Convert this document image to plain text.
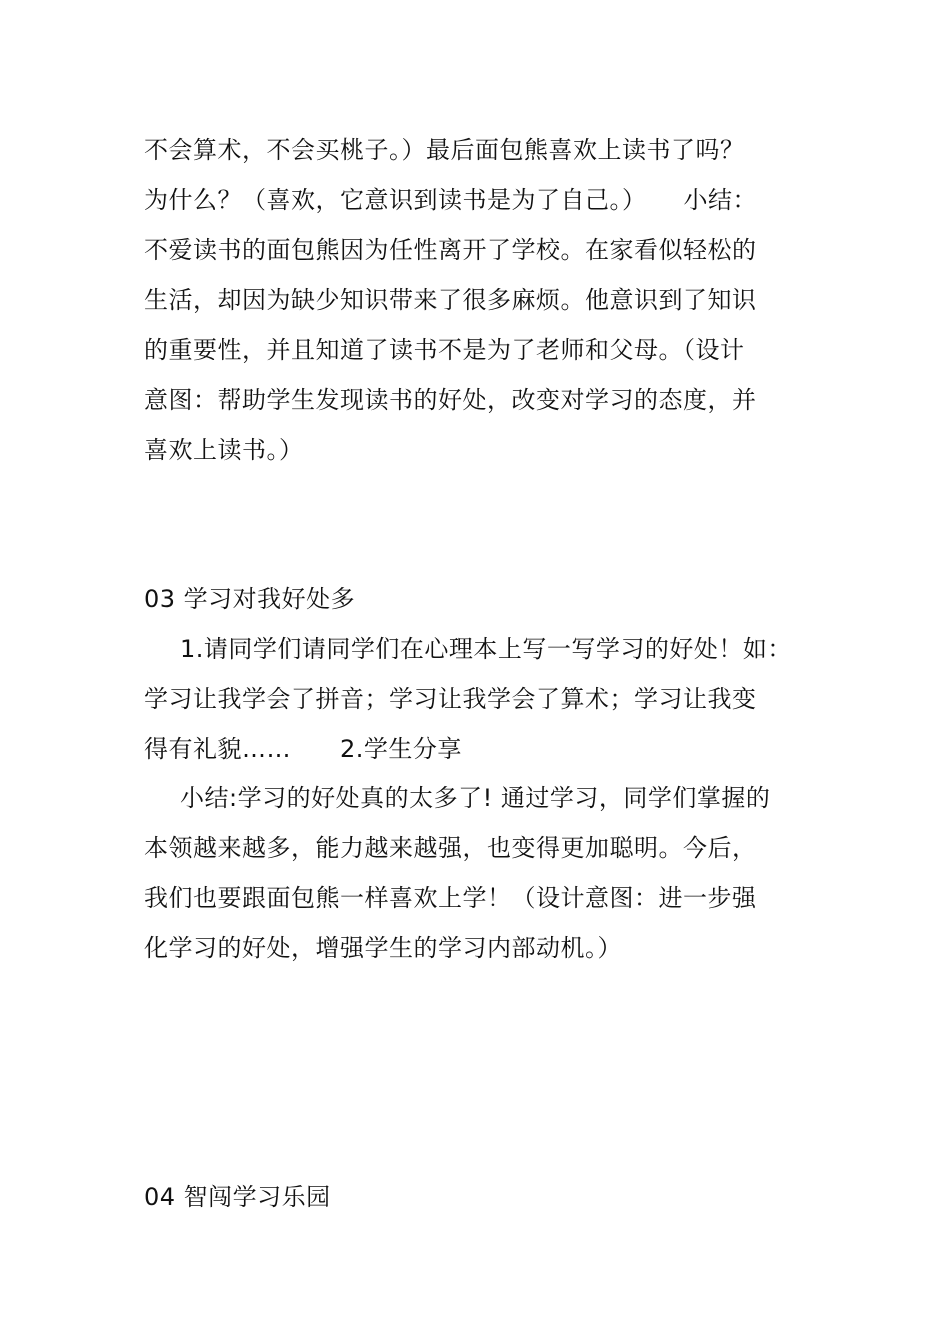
不会算术，不会买桃子。）最后面包熊喜欢上读书了吗？
为什么？（喜欢，它意识到读书是为了自己。）　　小结：
不爱读书的面包熊因为任性离开了学校。在家看似轻松的
生活，却因为缺少知识带来了很多麻烦。他意识到了知识
的重要性，并且知道了读书不是为了老师和父母。（设计
意图：帮助学生发现读书的好处，改变对学习的态度，并
喜欢上读书。）
03 学习对我好处多
1.请同学们请同学们在心理本上写一写学习的好处！如：
学习让我学会了拼音；学习让我学会了算术；学习让我变
得有礼貌……　　2.学生分享
小结:学习的好处真的太多了! 通过学习，同学们掌握的
本领越来越多，能力越来越强，也变得更加聪明。今后，
我们也要跟面包熊一样喜欢上学！（设计意图：进一步强
化学习的好处，增强学生的学习内部动机。）
04 智闯学习乐园
